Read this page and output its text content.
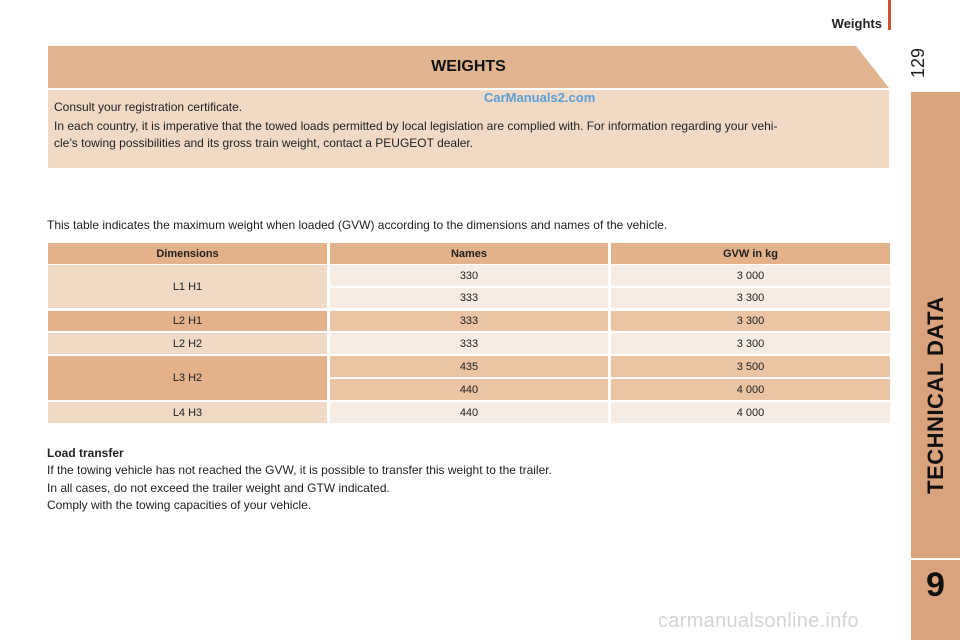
Weights
129
TECHNICAL DATA
9
WEIGHTS
Consult your registration certificate.
In each country, it is imperative that the towed loads permitted by local legislation are complied with. For information regarding your vehi-
cle’s towing possibilities and its gross train weight, contact a PEUGEOT dealer.
CarManuals2.com
This table indicates the maximum weight when loaded (GVW) according to the dimensions and names of the vehicle.
Dimensions	Names	GVW in kg
L1 H1
330	3 000
333	3 300
L2 H1	333	3 300
L2 H2	333	3 300
L3 H2
435	3 500
440	4 000
L4 H3	440	4 000
Load transfer
If the towing vehicle has not reached the GVW, it is possible to transfer this weight to the trailer.
In all cases, do not exceed the trailer weight and GTW indicated.
Comply with the towing capacities of your vehicle.
carmanualsonline.info
